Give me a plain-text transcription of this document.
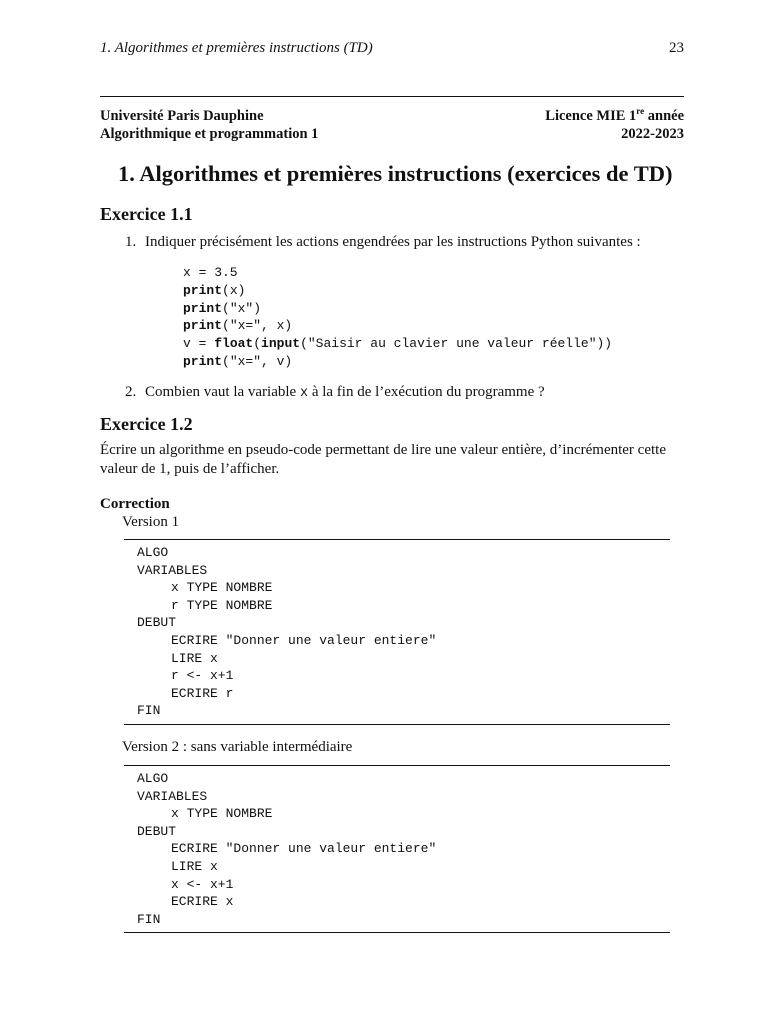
1. Algorithmes et premières instructions (TD)	23
Université Paris Dauphine
Algorithmique et programmation 1
Licence MIE 1re année
2022-2023
1. Algorithmes et premières instructions (exercices de TD)
Exercice 1.1
1. Indiquer précisément les actions engendrées par les instructions Python suivantes :
x = 3.5
print(x)
print("x")
print("x=", x)
v = float(input("Saisir au clavier une valeur réelle"))
print("x=", v)
2. Combien vaut la variable x à la fin de l’exécution du programme ?
Exercice 1.2
Écrire un algorithme en pseudo-code permettant de lire une valeur entière, d’incrémenter cette valeur de 1, puis de l’afficher.
Correction
Version 1
ALGO
VARIABLES
x TYPE NOMBRE
r TYPE NOMBRE
DEBUT
ECRIRE "Donner une valeur entiere"
LIRE x
r <- x+1
ECRIRE r
FIN
Version 2 : sans variable intermédiaire
ALGO
VARIABLES
x TYPE NOMBRE
DEBUT
ECRIRE "Donner une valeur entiere"
LIRE x
x <- x+1
ECRIRE x
FIN
